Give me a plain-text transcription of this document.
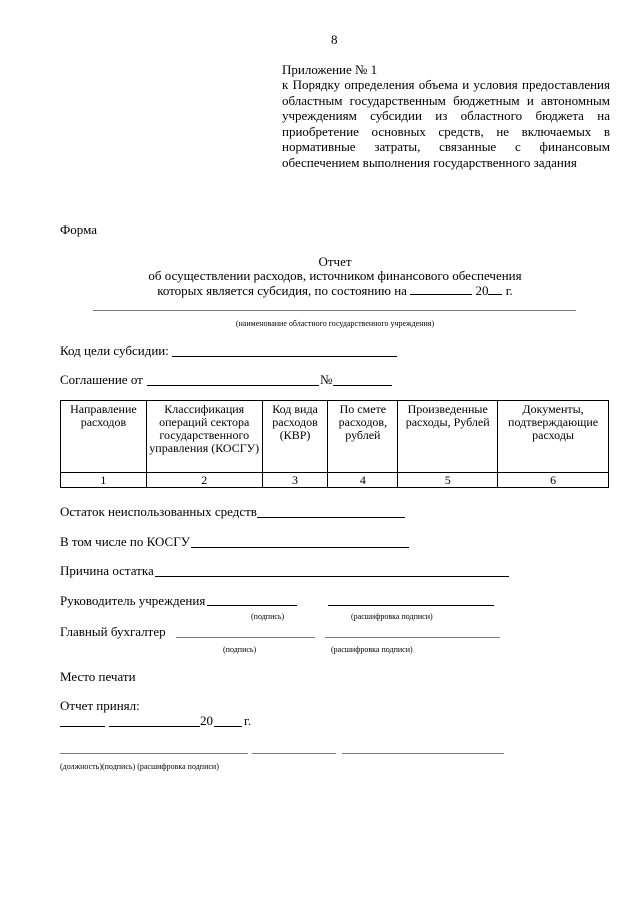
8
Приложение № 1
к Порядку определения объема и условия предоставления областным государственным бюджетным и автономным учреждениям субсидии из областного бюджета на приобретение основных средств, не включаемых в нормативные затраты, связанные с финансовым обеспечением выполнения государственного задания
Форма
Отчет
об осуществлении расходов, источником финансового обеспечения
которых является субсидия, по состоянию на	20 г.
(наименование областного государственного учреждения)
Код цели субсидии:
Соглашение от	№
Направление расходов	Классификация операций сектора государственного управления (КОСГУ)	Код вида расходов (КВР)	По смете расходов, рублей	Произведенные расходы, Рублей	Документы, подтверждающие расходы
1	2	3	4	5	6
Остаток неиспользованных средств
В том числе по КОСГУ
Причина остатка
Руководитель учреждения
(подпись)	(расшифровка подписи)
Главный бухгалтер
(подпись)	(расшифровка подписи)
Место печати
Отчет принял:
20 г.
(должность)(подпись) (расшифровка подписи)
